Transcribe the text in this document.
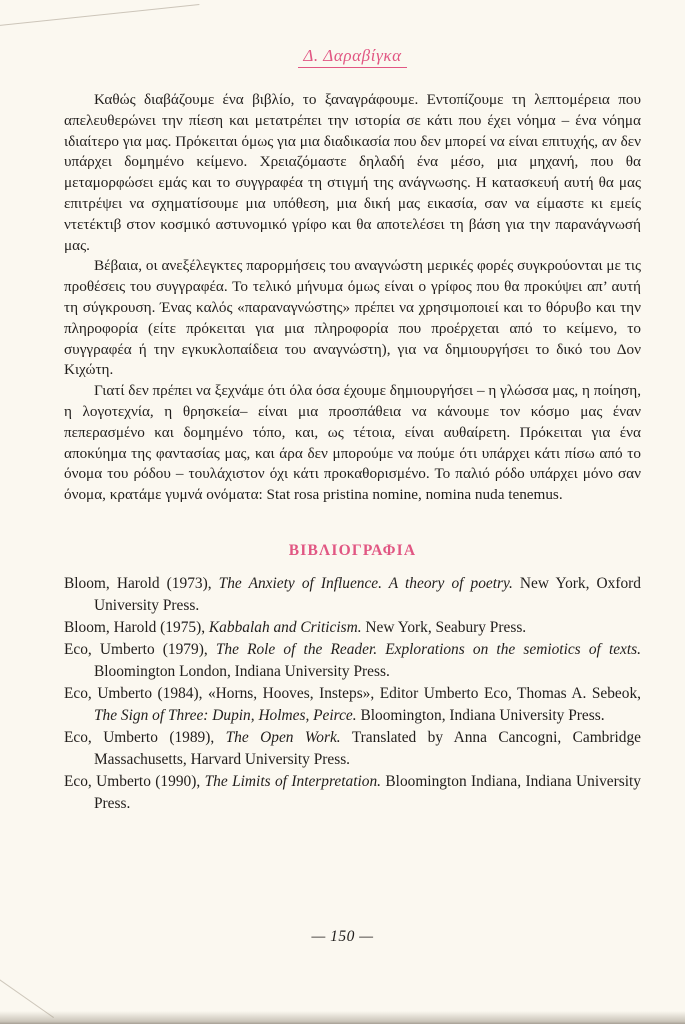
Δ. Δαραβίγκα

Καθώς διαβάζουμε ένα βιβλίο, το ξαναγράφουμε. Εντοπίζουμε τη λεπτομέρεια που απελευθερώνει την πίεση και μετατρέπει την ιστορία σε κάτι που έχει νόημα – ένα νόημα ιδιαίτερο για μας. Πρόκειται όμως για μια διαδικασία που δεν μπορεί να είναι επιτυχής, αν δεν υπάρχει δομημένο κείμενο. Χρειαζόμαστε δηλαδή ένα μέσο, μια μηχανή, που θα μεταμορφώσει εμάς και το συγγραφέα τη στιγμή της ανάγνωσης. Η κατασκευή αυτή θα μας επιτρέψει να σχηματίσουμε μια υπόθεση, μια δική μας εικασία, σαν να είμαστε κι εμείς ντετέκτιβ στον κοσμικό αστυνομικό γρίφο και θα αποτελέσει τη βάση για την παρανάγνωσή μας.

Βέβαια, οι ανεξέλεγκτες παρορμήσεις του αναγνώστη μερικές φορές συγκρούονται με τις προθέσεις του συγγραφέα. Το τελικό μήνυμα όμως είναι ο γρίφος που θα προκύψει απ’ αυτή τη σύγκρουση. Ένας καλός «παραναγνώστης» πρέπει να χρησιμοποιεί και το θόρυβο και την πληροφορία (είτε πρόκειται για μια πληροφορία που προέρχεται από το κείμενο, το συγγραφέα ή την εγκυκλοπαίδεια του αναγνώστη), για να δημιουργήσει το δικό του Δον Κιχώτη.

Γιατί δεν πρέπει να ξεχνάμε ότι όλα όσα έχουμε δημιουργήσει – η γλώσσα μας, η ποίηση, η λογοτεχνία, η θρησκεία– είναι μια προσπάθεια να κάνουμε τον κόσμο μας έναν πεπερασμένο και δομημένο τόπο, και, ως τέτοια, είναι αυθαίρετη. Πρόκειται για ένα αποκύημα της φαντασίας μας, και άρα δεν μπορούμε να πούμε ότι υπάρχει κάτι πίσω από το όνομα του ρόδου – τουλάχιστον όχι κάτι προκαθορισμένο. Το παλιό ρόδο υπάρχει μόνο σαν όνομα, κρατάμε γυμνά ονόματα: Stat rosa pristina nomine, nomina nuda tenemus.

ΒΙΒΛΙΟΓΡΑΦΙΑ
Bloom, Harold (1973), The Anxiety of Influence. A theory of poetry. New York, Oxford University Press.
Bloom, Harold (1975), Kabbalah and Criticism. New York, Seabury Press.
Eco, Umberto (1979), The Role of the Reader. Explorations on the semiotics of texts. Bloomington London, Indiana University Press.
Eco, Umberto (1984), «Horns, Hooves, Insteps», Editor Umberto Eco, Thomas A. Sebeok, The Sign of Three: Dupin, Holmes, Peirce. Bloomington, Indiana University Press.
Eco, Umberto (1989), The Open Work. Translated by Anna Cancogni, Cambridge Massachusetts, Harvard University Press.
Eco, Umberto (1990), The Limits of Interpretation. Bloomington Indiana, Indiana University Press.
— 150 —
